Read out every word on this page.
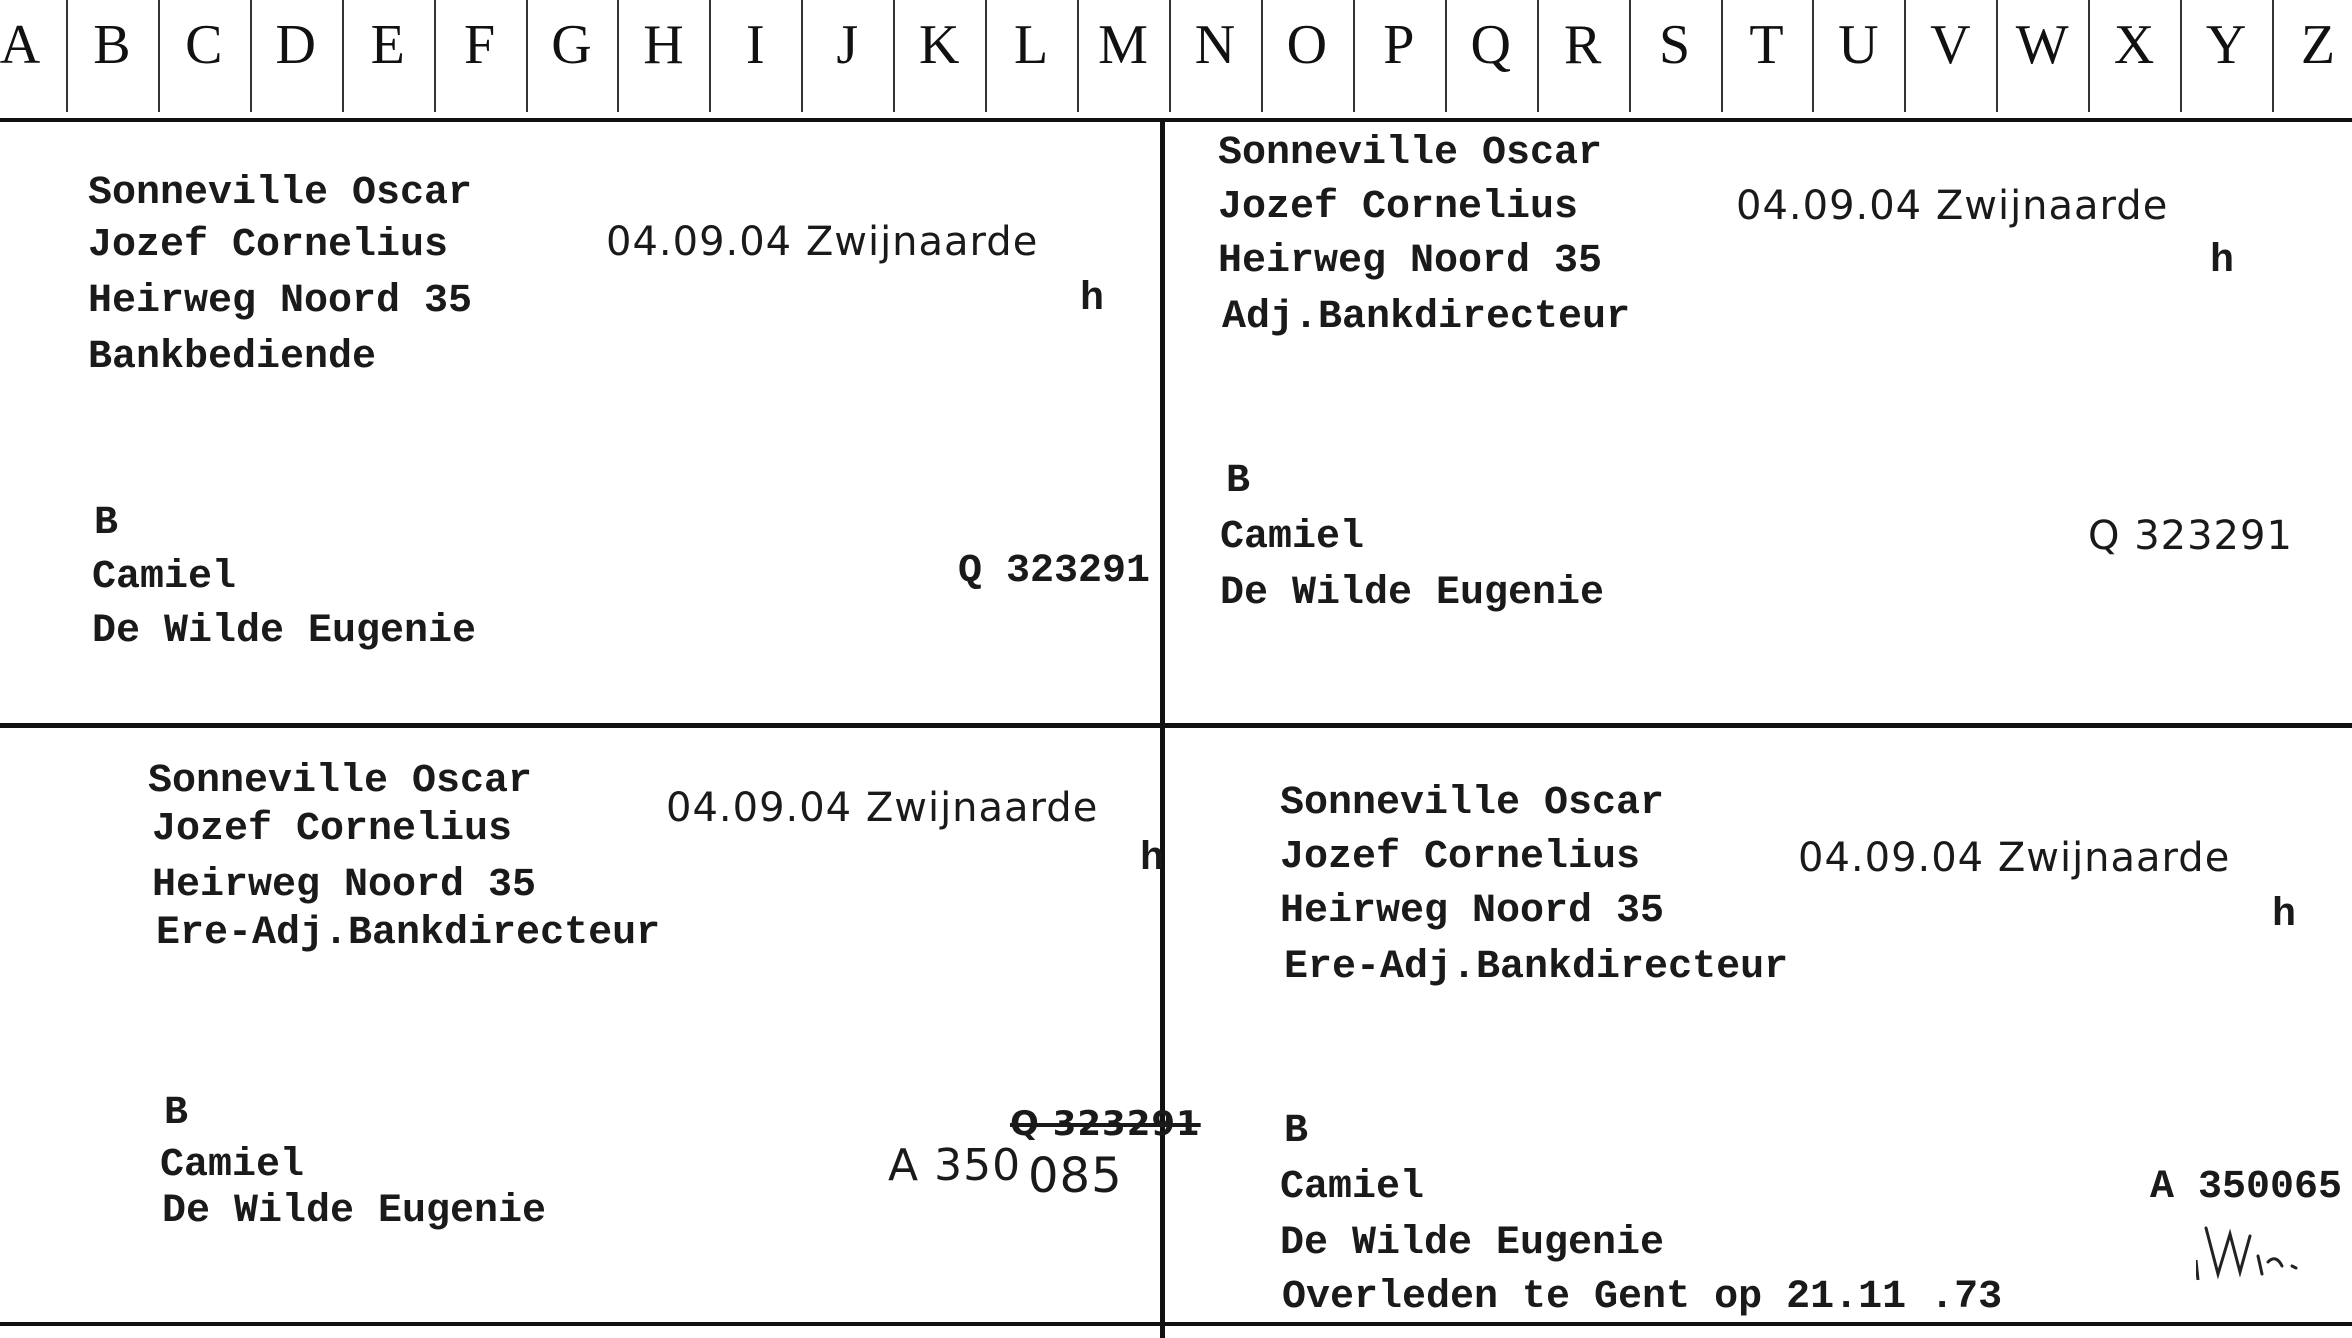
A B C D E F G H	I	J	K L M N O P Q R S T U V W X Y Z
Sonneville Oscar
Jozef Cornelius	04.09.04 Zwijnaarde
Heirweg Noord 35	h
Bankbediende
B
Camiel
De Wilde Eugenie
Q 323291
Sonneville Oscar
Jozef Cornelius	04.09.04 Zwijnaarde
Heirweg Noord 35	h
Adj.Bankdirecteur
B
Camiel
De Wilde Eugenie
Q 323291
Sonneville Oscar
Jozef Cornelius	04.09.04 Zwijnaarde
Heirweg Noord 35
h
Ere-Adj.Bankdirecteur
B	Q 323291
Camiel
De Wilde Eugenie
A 350 085
Sonneville Oscar
Jozef Cornelius	04.09.04 Zwijnaarde
Heirweg Noord 35	h
Ere-Adj.Bankdirecteur
B
Camiel
De Wilde Eugenie
A 350065
Overleden te Gent op 21.11 .73
